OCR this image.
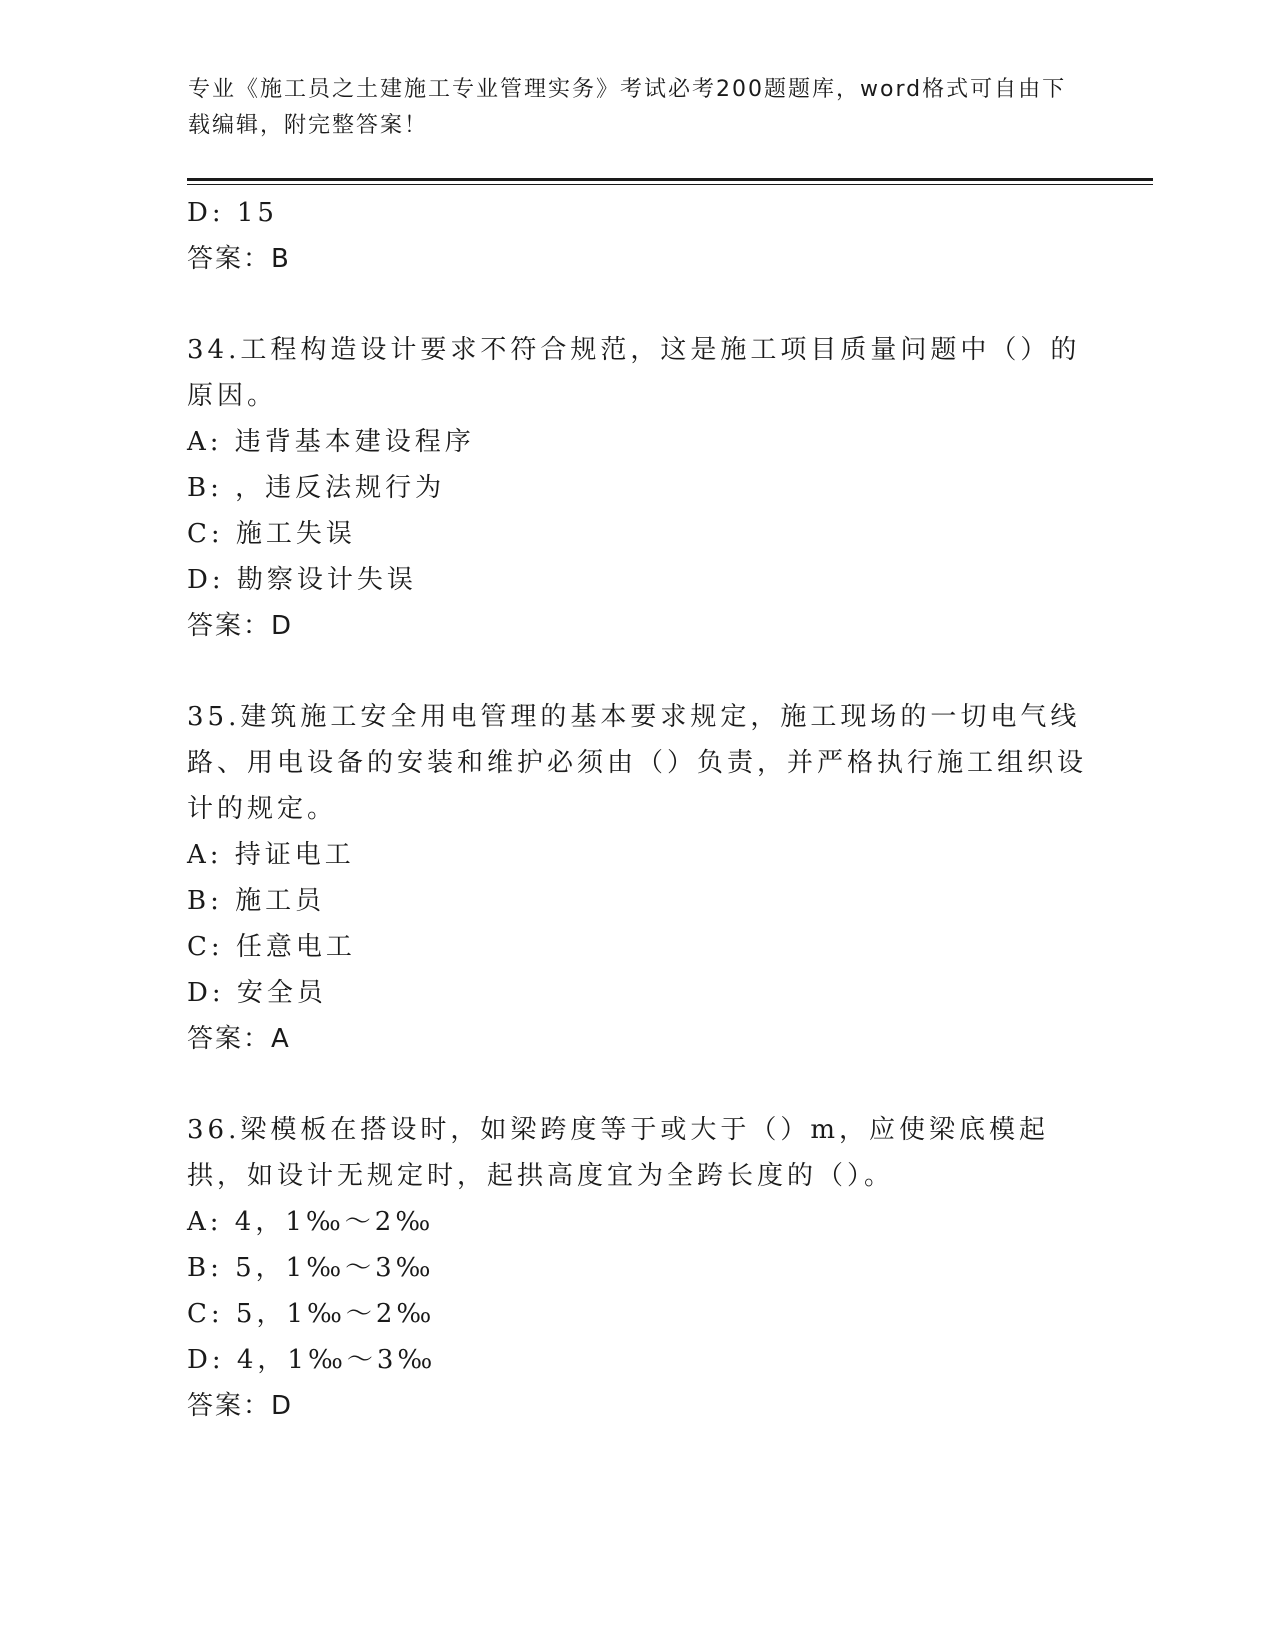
专业《施工员之土建施工专业管理实务》考试必考200题题库，word格式可自由下载编辑，附完整答案！
D: 15
答案：B
34.工程构造设计要求不符合规范，这是施工项目质量问题中（）的原因。
A: 违背基本建设程序
B: ，违反法规行为
C: 施工失误
D: 勘察设计失误
答案：D
35.建筑施工安全用电管理的基本要求规定，施工现场的一切电气线路、用电设备的安装和维护必须由（）负责，并严格执行施工组织设计的规定。
A: 持证电工
B: 施工员
C: 任意电工
D: 安全员
答案：A
36.梁模板在搭设时，如梁跨度等于或大于（）m，应使梁底模起拱，如设计无规定时，起拱高度宜为全跨长度的（）。
A: 4，1‰～2‰
B: 5，1‰～3‰
C: 5，1‰～2‰
D: 4，1‰～3‰
答案：D
